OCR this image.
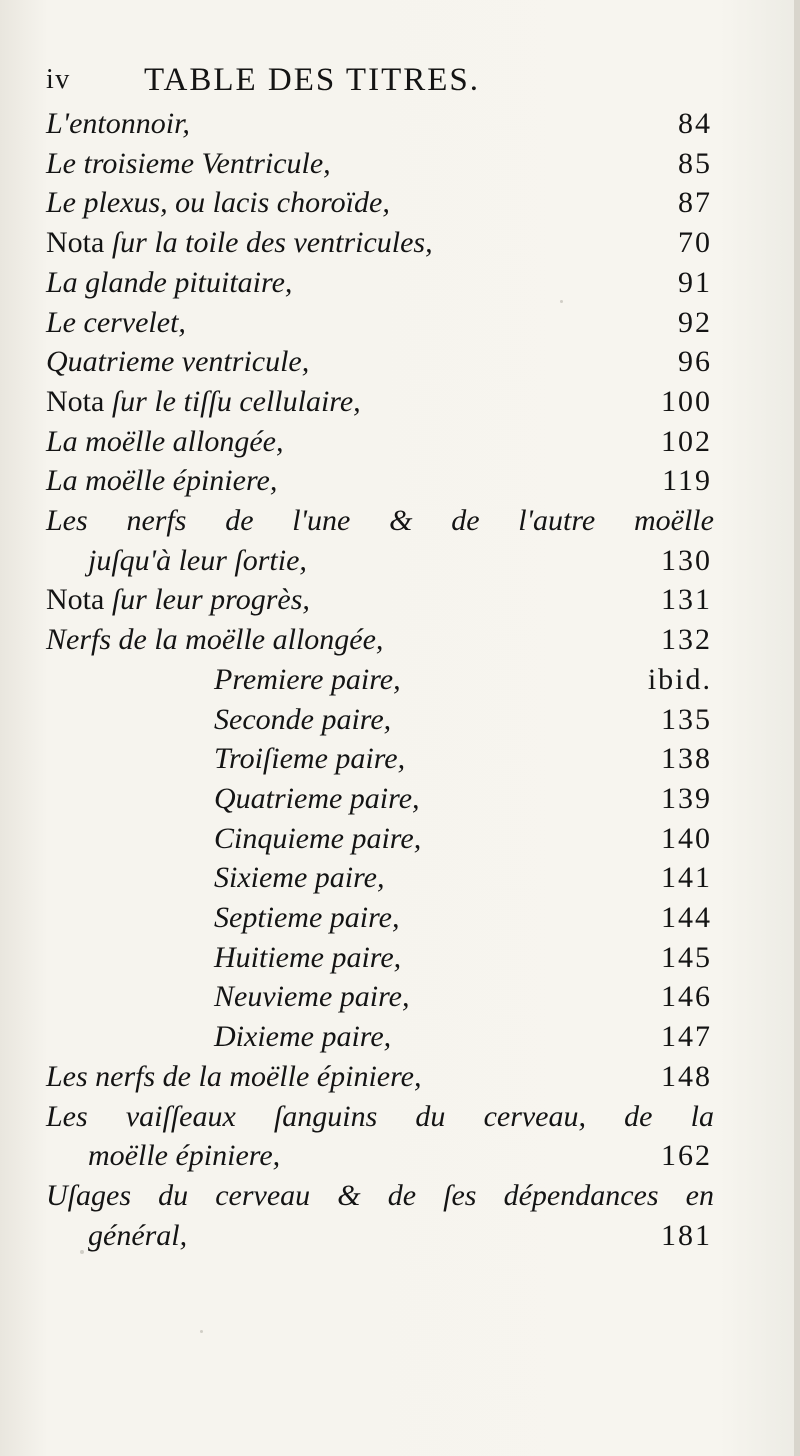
iv TABLE DES TITRES.
L'entonnoir,	84
Le troisieme Ventricule,	85
Le plexus, ou lacis choroïde,	87
Nota ſur la toile des ventricules,	70
La glande pituitaire,	91
Le cervelet,	92
Quatrieme ventricule,	96
Nota ſur le tiſſu cellulaire,	100
La moëlle allongée,	102
La moëlle épiniere,	119
Les nerfs de l'une & de l'autre moëlle
juſqu'à leur ſortie,	130
Nota ſur leur progrès,	131
Nerfs de la moëlle allongée,	132
Premiere paire,	ibid.
Seconde paire,	135
Troiſieme paire,	138
Quatrieme paire,	139
Cinquieme paire,	140
Sixieme paire,	141
Septieme paire,	144
Huitieme paire,	145
Neuvieme paire,	146
Dixieme paire,	147
Les nerfs de la moëlle épiniere,	148
Les vaiſſeaux ſanguins du cerveau, de la
moëlle épiniere,	162
Uſages du cerveau & de ſes dépendances en
général,	181
